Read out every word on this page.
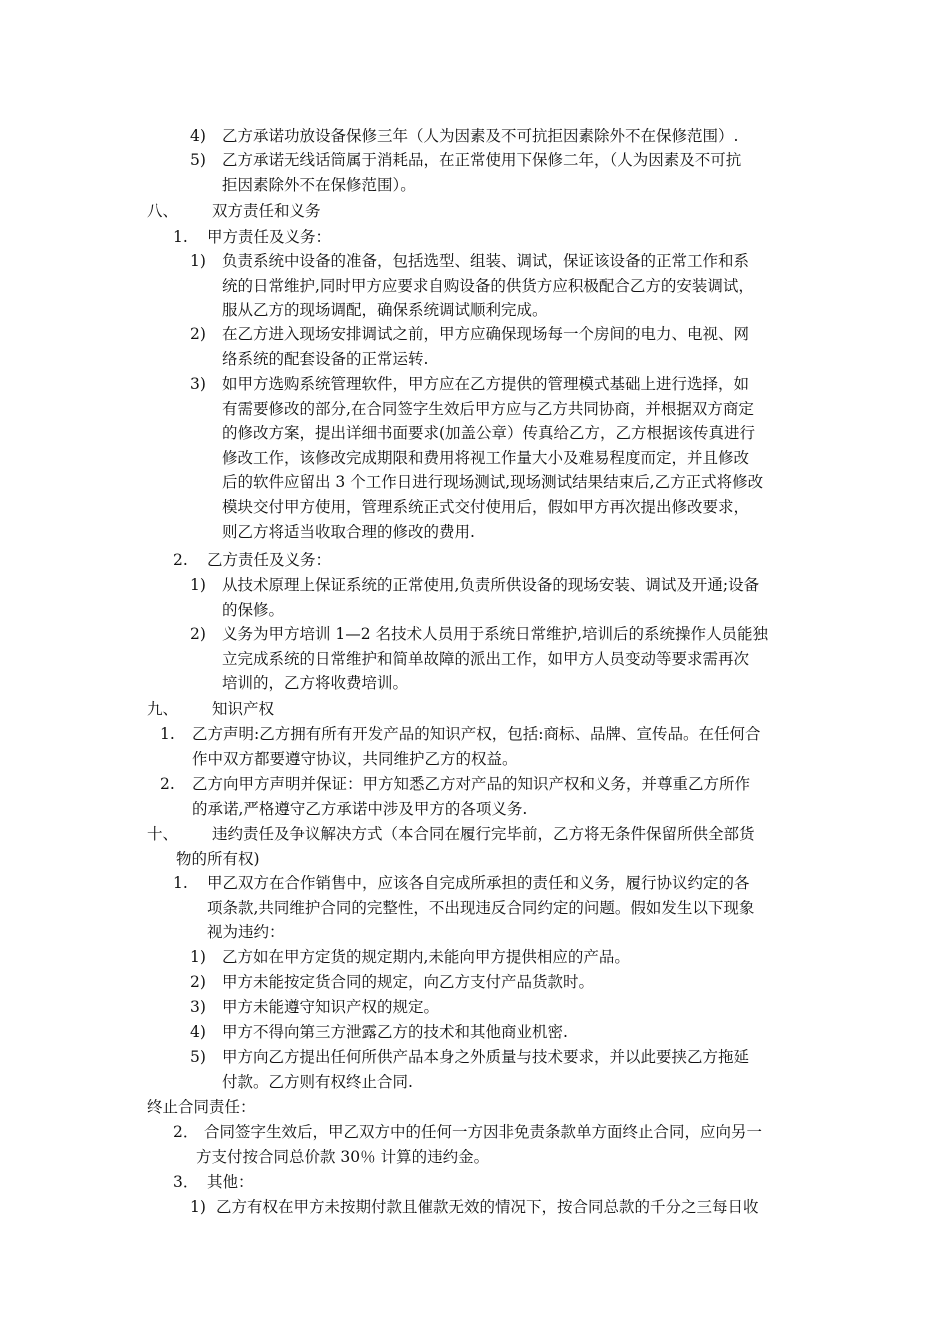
4) 乙方承诺功放设备保修三年（人为因素及不可抗拒因素除外不在保修范围）.
5) 乙方承诺无线话筒属于消耗品，在正常使用下保修二年，（人为因素及不可抗
拒因素除外不在保修范围）。
八、 双方责任和义务
1. 甲方责任及义务：
1) 负责系统中设备的准备，包括选型、组装、调试，保证该设备的正常工作和系
统的日常维护,同时甲方应要求自购设备的供货方应积极配合乙方的安装调试，
服从乙方的现场调配，确保系统调试顺利完成。
2) 在乙方进入现场安排调试之前，甲方应确保现场每一个房间的电力、电视、网
络系统的配套设备的正常运转.
3) 如甲方选购系统管理软件，甲方应在乙方提供的管理模式基础上进行选择，如
有需要修改的部分,在合同签字生效后甲方应与乙方共同协商，并根据双方商定
的修改方案，提出详细书面要求(加盖公章）传真给乙方，乙方根据该传真进行
修改工作，该修改完成期限和费用将视工作量大小及难易程度而定，并且修改
后的软件应留出 3 个工作日进行现场测试,现场测试结果结束后,乙方正式将修改
模块交付甲方使用，管理系统正式交付使用后，假如甲方再次提出修改要求，
则乙方将适当收取合理的修改的费用.
2. 乙方责任及义务：
1) 从技术原理上保证系统的正常使用,负责所供设备的现场安装、调试及开通;设备
的保修。
2) 义务为甲方培训 1—2 名技术人员用于系统日常维护,培训后的系统操作人员能独
立完成系统的日常维护和简单故障的派出工作，如甲方人员变动等要求需再次
培训的，乙方将收费培训。
九、 知识产权
1. 乙方声明:乙方拥有所有开发产品的知识产权，包括:商标、品牌、宣传品。在任何合
作中双方都要遵守协议，共同维护乙方的权益。
2. 乙方向甲方声明并保证：甲方知悉乙方对产品的知识产权和义务，并尊重乙方所作
的承诺,严格遵守乙方承诺中涉及甲方的各项义务.
十、 违约责任及争议解决方式（本合同在履行完毕前，乙方将无条件保留所供全部货
物的所有权)
1. 甲乙双方在合作销售中，应该各自完成所承担的责任和义务，履行协议约定的各
项条款,共同维护合同的完整性，不出现违反合同约定的问题。假如发生以下现象
视为违约：
1) 乙方如在甲方定货的规定期内,未能向甲方提供相应的产品。
2) 甲方未能按定货合同的规定，向乙方支付产品货款时。
3) 甲方未能遵守知识产权的规定。
4) 甲方不得向第三方泄露乙方的技术和其他商业机密.
5) 甲方向乙方提出任何所供产品本身之外质量与技术要求，并以此要挟乙方拖延
付款。乙方则有权终止合同.
终止合同责任：
2． 合同签字生效后，甲乙双方中的任何一方因非免责条款单方面终止合同，应向另一
方支付按合同总价款 30％ 计算的违约金。
3． 其他：
1) 乙方有权在甲方未按期付款且催款无效的情况下，按合同总款的千分之三每日收
